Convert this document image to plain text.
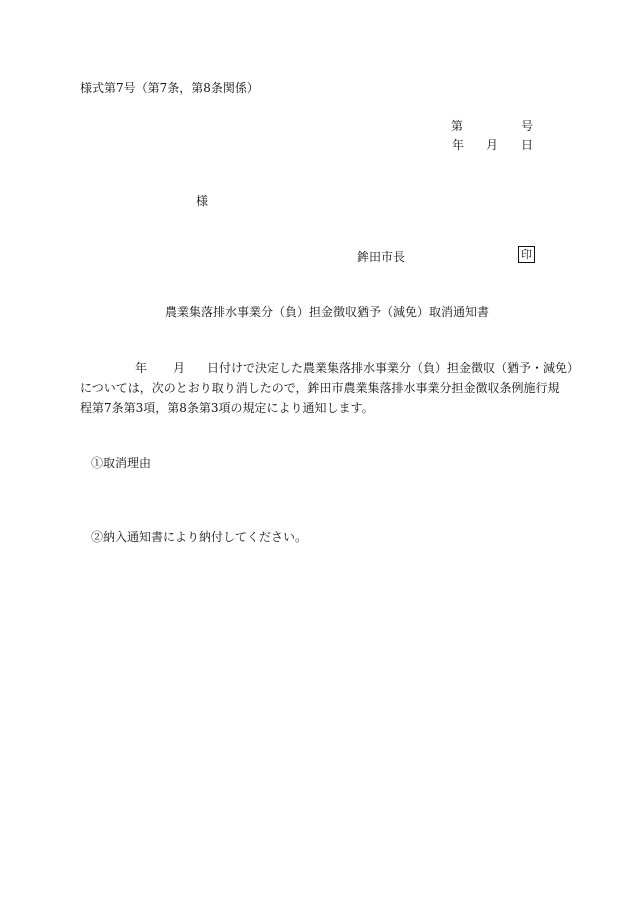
様式第7号（第7条，第8条関係）
第	号
年 月 日
様
鉾田市長	印
農業集落排水事業分（負）担金徴収猶予（減免）取消通知書
年 月 日付けで決定した農業集落排水事業分（負）担金徴収（猶予・減免）
については，次のとおり取り消したので，鉾田市農業集落排水事業分担金徴収条例施行規
程第7条第3項，第8条第3項の規定により通知します。
①取消理由
②納入通知書により納付してください。
